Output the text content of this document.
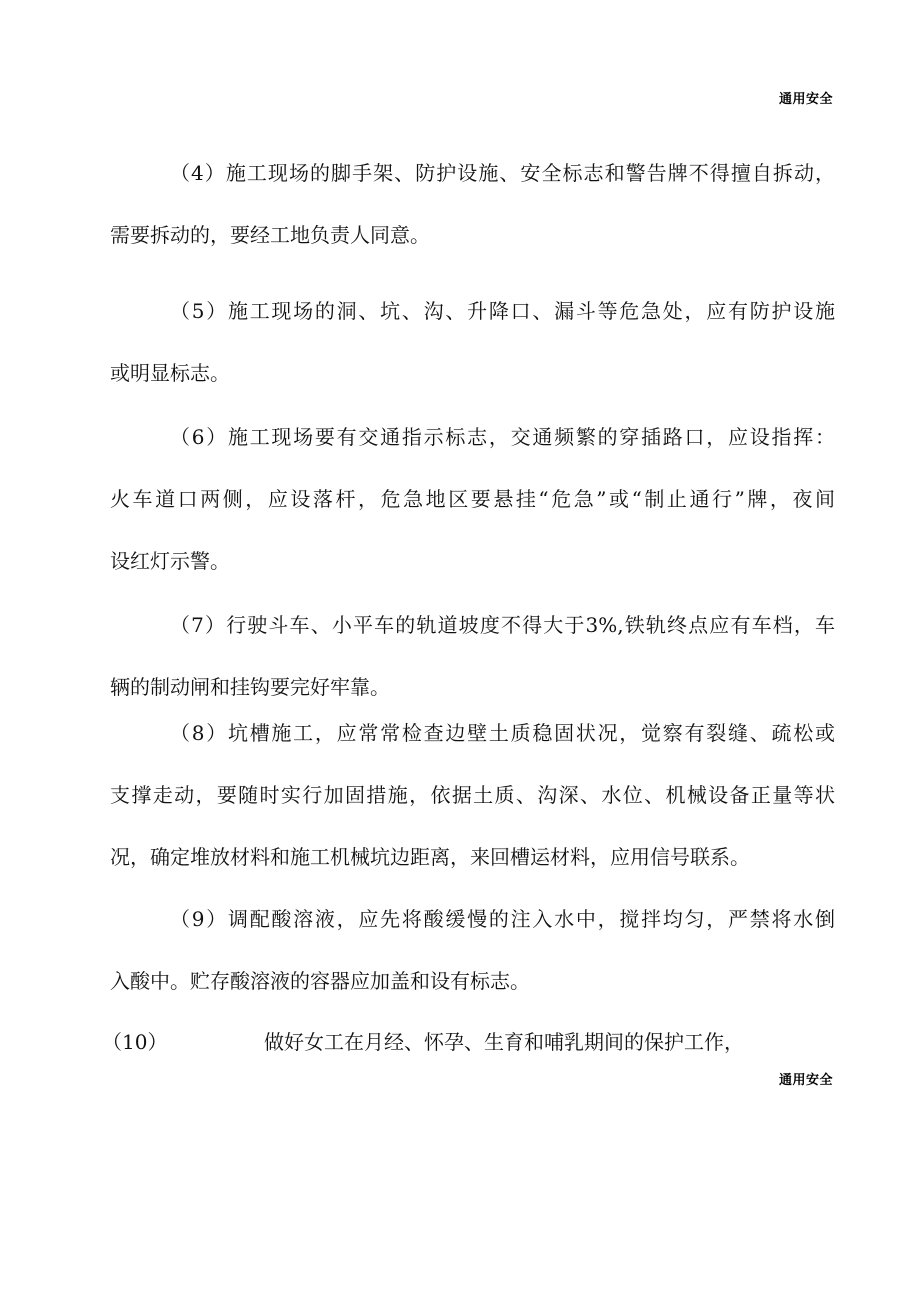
通用安全
（4）施工现场的脚手架、防护设施、安全标志和警告牌不得擅自拆动，
需要拆动的，要经工地负责人同意。
（5）施工现场的洞、坑、沟、升降口、漏斗等危急处，应有防护设施
或明显标志。
（6）施工现场要有交通指示标志，交通频繁的穿插路口，应设指挥：
火车道口两侧，应设落杆，危急地区要悬挂“危急”或“制止通行”牌，夜间
设红灯示警。
（7）行驶斗车、小平车的轨道坡度不得大于3%,铁轨终点应有车档，车
辆的制动闸和挂钩要完好牢靠。
（8）坑槽施工，应常常检查边壁土质稳固状况，觉察有裂缝、疏松或
支撑走动，要随时实行加固措施，依据土质、沟深、水位、机械设备正量等状
况，确定堆放材料和施工机械坑边距离，来回槽运材料，应用信号联系。
（9）调配酸溶液，应先将酸缓慢的注入水中，搅拌均匀，严禁将水倒
入酸中。贮存酸溶液的容器应加盖和设有标志。
（10）	做好女工在月经、怀孕、生育和哺乳期间的保护工作，
通用安全
